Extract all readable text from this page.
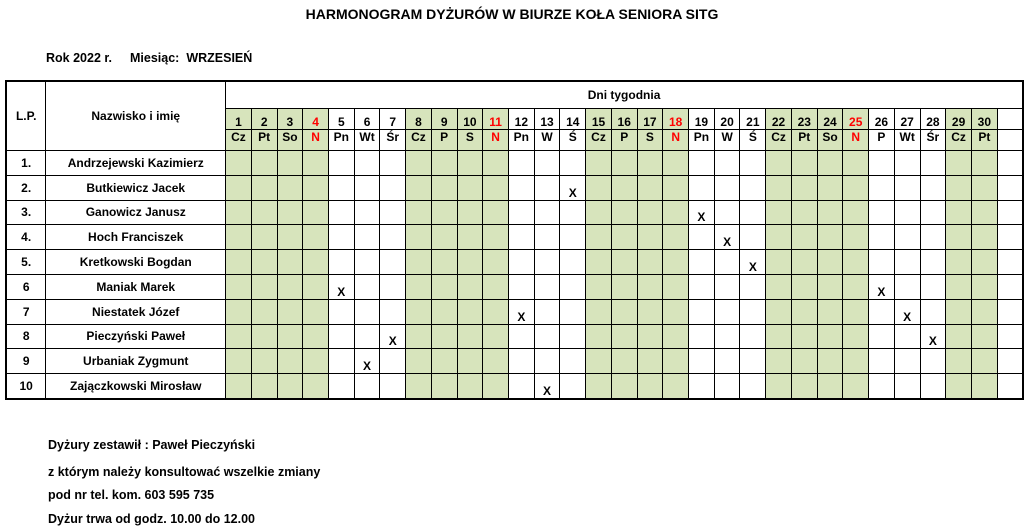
HARMONOGRAM DYŻURÓW W BIURZE KOŁA SENIORA SITG
Rok 2022 r. Miesiąc: WRZESIEŃ
L.P.	Nazwisko i imię	Dni tygodnia																														
		1	2	3	4	5	6	7	8	9	10	11	12	13	14	15	16	17	18	19	20	21	22	23	24	25	26	27	28	29	30	
		Cz	Pt	So	N	Pn	Wt	Śr	Cz	P	S	N	Pn	W	Ś	Cz	P	S	N	Pn	W	Ś	Cz	Pt	So	N	P	Wt	Śr	Cz	Pt	
1.	Andrzejewski Kazimierz																															
2.	Butkiewicz Jacek														X																	
3.	Ganowicz Janusz																			X												
4.	Hoch Franciszek																				X											
5.	Kretkowski Bogdan																					X										
6	Maniak Marek					X																					X					
7	Niestatek Józef												X															X				
8	Pieczyński Paweł							X																					X			
9	Urbaniak Zygmunt						X																									
10	Zajączkowski Mirosław													X																		
Dyżury zestawił : Paweł Pieczyński
z którym należy konsultować wszelkie zmiany
pod nr tel. kom. 603 595 735
Dyżur trwa od godz. 10.00 do 12.00
